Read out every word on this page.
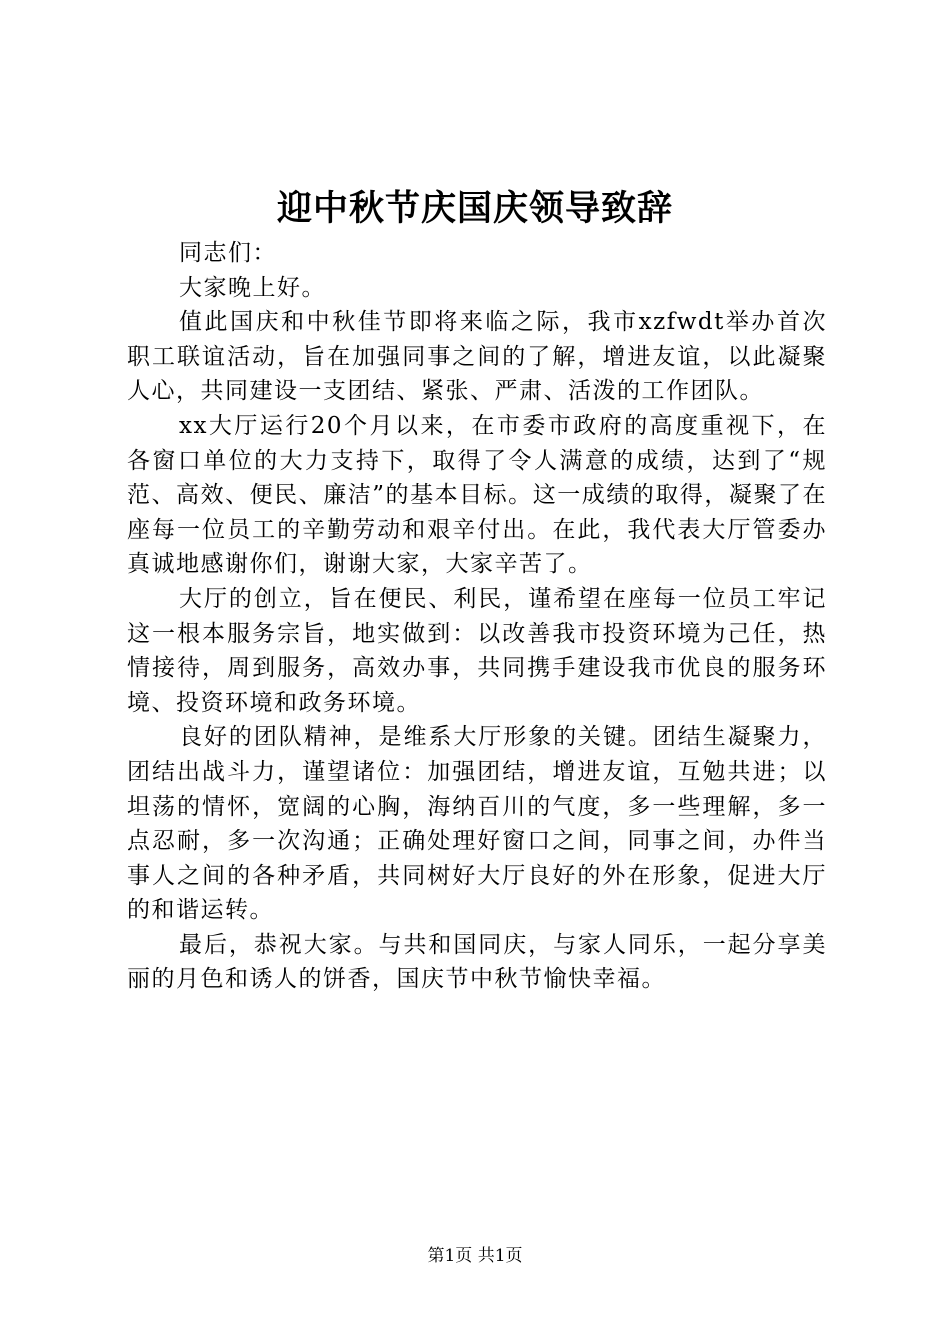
迎中秋节庆国庆领导致辞

同志们：

大家晚上好。

值此国庆和中秋佳节即将来临之际，我市xzfwdt举办首次职工联谊活动，旨在加强同事之间的了解，增进友谊，以此凝聚人心，共同建设一支团结、紧张、严肃、活泼的工作团队。

xx大厅运行20个月以来，在市委市政府的高度重视下，在各窗口单位的大力支持下，取得了令人满意的成绩，达到了“规范、高效、便民、廉洁”的基本目标。这一成绩的取得，凝聚了在座每一位员工的辛勤劳动和艰辛付出。在此，我代表大厅管委办真诚地感谢你们，谢谢大家，大家辛苦了。

大厅的创立，旨在便民、利民，谨希望在座每一位员工牢记这一根本服务宗旨，地实做到：以改善我市投资环境为己任，热情接待，周到服务，高效办事，共同携手建设我市优良的服务环境、投资环境和政务环境。

良好的团队精神，是维系大厅形象的关键。团结生凝聚力，团结出战斗力，谨望诸位：加强团结，增进友谊，互勉共进；以坦荡的情怀，宽阔的心胸，海纳百川的气度，多一些理解，多一点忍耐，多一次沟通；正确处理好窗口之间，同事之间，办件当事人之间的各种矛盾，共同树好大厅良好的外在形象，促进大厅的和谐运转。

最后，恭祝大家。与共和国同庆，与家人同乐，一起分享美丽的月色和诱人的饼香，国庆节中秋节愉快幸福。

第1页 共1页
